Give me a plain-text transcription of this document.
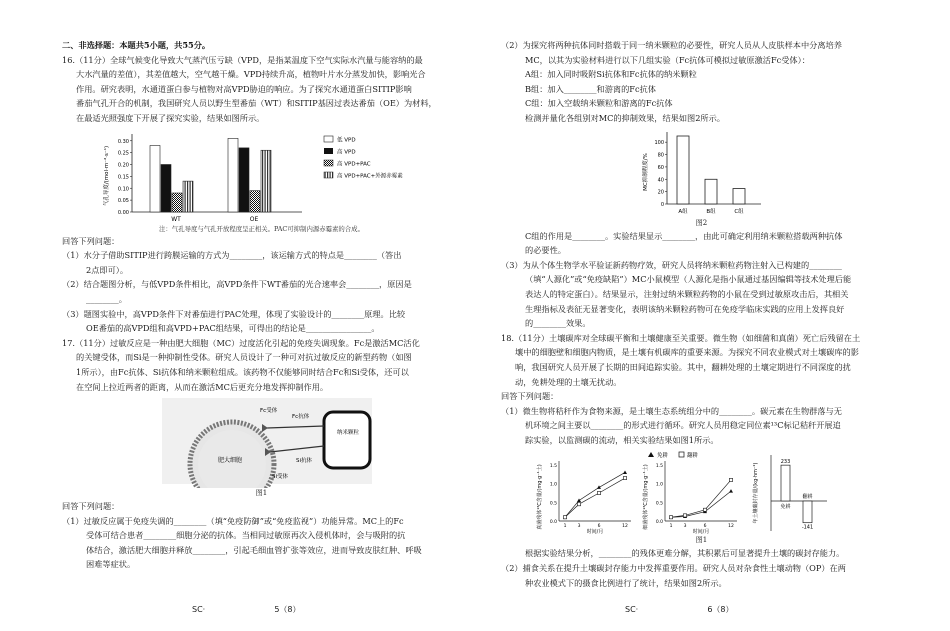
二、非选择题：本题共5小题，共55分。
16.（11分）全球气候变化导致大气蒸汽压亏缺（VPD，是指某温度下空气实际水汽量与能容纳的最
大水汽量的差值），其差值越大，空气越干燥。VPD持续升高，植物叶片水分蒸发加快，影响光合
作用。研究表明，水通道蛋白参与植物对高VPD胁迫的响应。为了探究水通道蛋白SITIP影响
番茄气孔开合的机制，我国研究人员以野生型番茄（WT）和SITIP基因过表达番茄（OE）为材料，
在最适光照强度下开展了探究实验，结果如图所示。
气孔导度/(mol·m⁻²·s⁻¹)
0.00
0.05
0.10
0.15
0.20
0.25
0.30
WT	OE
低 VPD
高 VPD
高 VPD+PAC
高 VPD+PAC+外源赤霉素
注：气孔导度与气孔开放程度呈正相关。PAC可抑制内源赤霉素的合成。
回答下列问题：
（1）水分子借助SITIP进行跨膜运输的方式为________，该运输方式的特点是________（答出
2点即可）。
（2）结合题图分析，与低VPD条件相比，高VPD条件下WT番茄的光合速率会________，原因是
________。
（3）题图实验中，高VPD条件下对番茄进行PAC处理，体现了实验设计的________原理。比较
OE番茄的高VPD组和高VPD+PAC组结果，可得出的结论是________________。
17.（11分）过敏反应是一种由肥大细胞（MC）过度活化引起的免疫失调现象。Fc是激活MC活化
的关键受体，而Si是一种抑制性受体。研究人员设计了一种可对抗过敏反应的新型药物（如图
1所示），由Fc抗体、Si抗体和纳米颗粒组成。该药物不仅能够同时结合Fc和Si受体，还可以
在空间上拉近两者的距离，从而在激活MC后更充分地发挥抑制作用。
肥大细胞
纳米颗粒
Fc受体
Fc抗体
Si抗体
Si受体
图1
回答下列问题：
（1）过敏反应属于免疫失调的________（填“免疫防御”或“免疫监视”）功能异常。MC上的Fc
受体可结合患者________细胞分泌的抗体。当相同过敏原再次入侵机体时，会与吸附的抗
体结合，激活肥大细胞并释放________，引起毛细血管扩张等效应，进而导致皮肤红肿、呼吸
困难等症状。
SC·	5（8）
（2）为探究将两种抗体同时搭载于同一纳米颗粒的必要性，研究人员从人皮肤样本中分离培养
MC，以其为实验材料进行以下几组实验（Fc抗体可模拟过敏原激活Fc受体）：
A组：加入同时吸附Si抗体和Fc抗体的纳米颗粒
B组：加入________和游离的Fc抗体
C组：加入空载纳米颗粒和游离的Fc抗体
检测并量化各组别对MC的抑制效果，结果如图2所示。
MC抑制程度/%
0
20
40
60
80
100
A组	B组	C组
图2
C组的作用是________。实验结果显示________，由此可确定利用纳米颗粒搭载两种抗体
的必要性。
（3）为从个体生物学水平验证新药物疗效，研究人员将纳米颗粒药物注射入已构建的________
（填“人源化”或“免疫缺陷”）MC小鼠模型（人源化是指小鼠通过基因编辑等技术处理后能
表达人的特定蛋白）。结果显示，注射过纳米颗粒药物的小鼠在受到过敏原攻击后，其相关
生理指标及表征无显著变化，表明该纳米颗粒药物可在免疫学临床实践的应用上发挥良好
的________效果。
18.（11分）土壤碳库对全球碳平衡和土壤健康至关重要。微生物（如细菌和真菌）死亡后残留在土
壤中的细胞壁和细胞内物质，是土壤有机碳库的重要来源。为探究不同农业模式对土壤碳库的影
响，我国研究人员开展了长期的田间追踪实验。其中，翻耕处理的土壤定期进行不同深度的扰
动，免耕处理的土壤无扰动。
回答下列问题：
（1）微生物将秸秆作为食物来源，是土壤生态系统组分中的________。碳元素在生物群落与无
机环境之间主要以________的形式进行循环。研究人员用稳定同位素¹³C标记秸秆开展追
踪实验，以监测碳的流动，相关实验结果如图1所示。
免耕	翻耕
真菌残体¹³C含量/(mg·g⁻¹土) 0.0
0.5
1.0
1.5
1 3	6	12
时间/月
细菌残体¹³C含量/(mg·g⁻¹土) 0.0
0.5
1.0
1.5
1 3	6	12
时间/月
年土壤碳封存量/(kg·hm⁻²)
233
免耕
-141
翻耕
图1
根据实验结果分析，________的残体更难分解，其积累后可显著提升土壤的碳封存能力。
（2）捕食关系在提升土壤碳封存能力中发挥重要作用。研究人员对杂食性土壤动物（OP）在两
种农业模式下的摄食比例进行了统计，结果如图2所示。
SC·	6（8）
